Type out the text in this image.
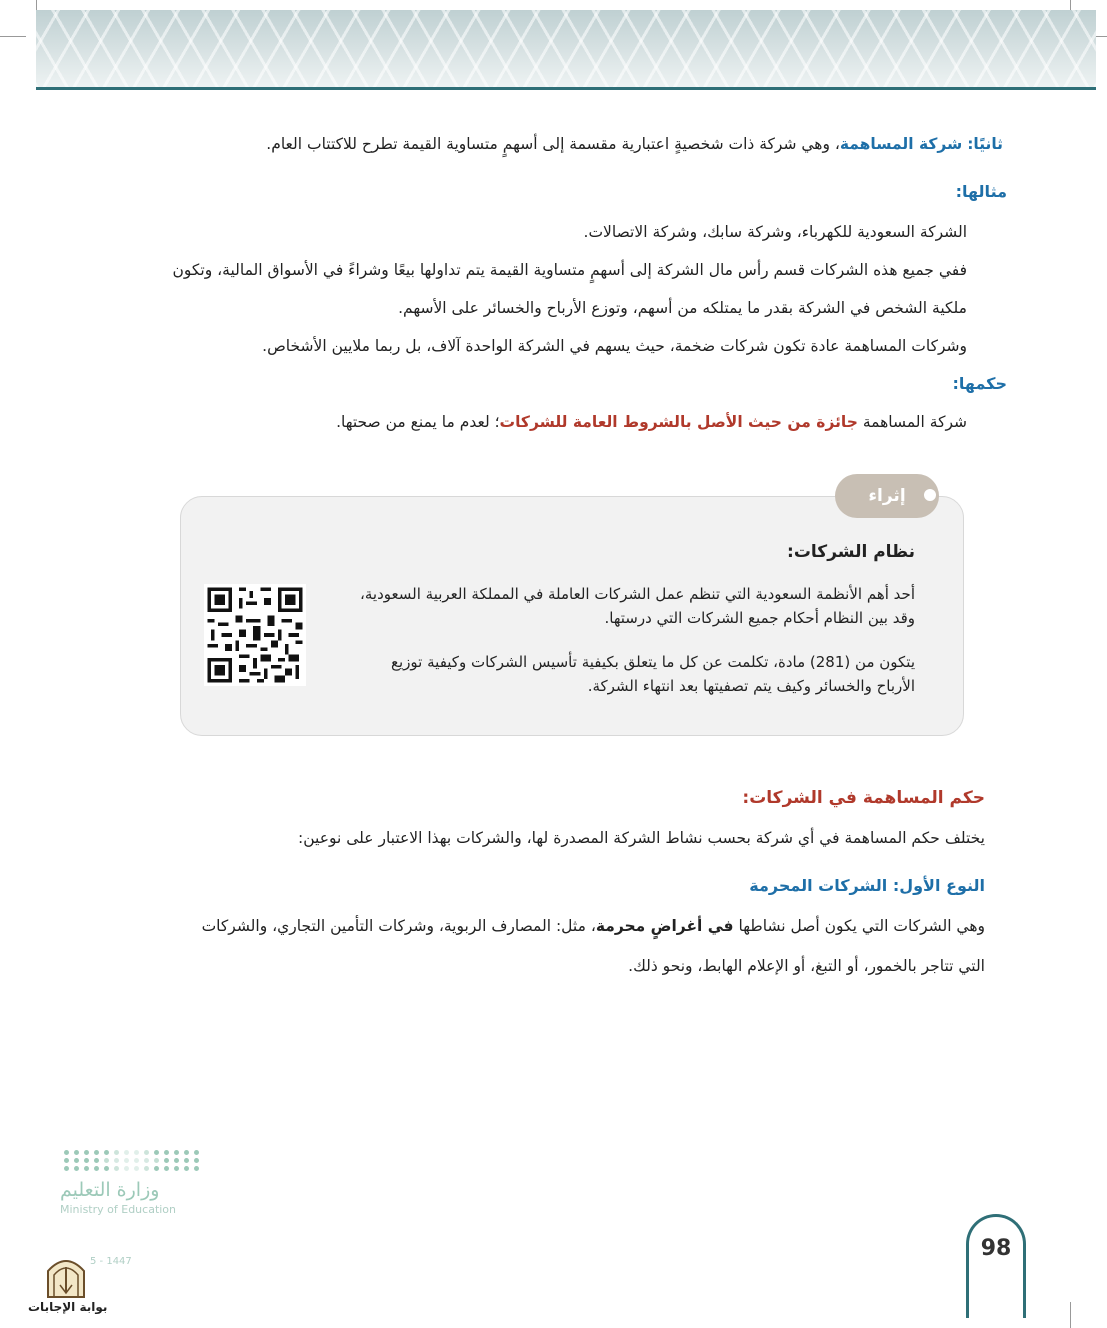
ثانيًا: شركة المساهمة، وهي شركة ذات شخصيةٍ اعتبارية مقسمة إلى أسهمٍ متساوية القيمة تطرح للاكتتاب العام.
مثالها:
الشركة السعودية للكهرباء، وشركة سابك، وشركة الاتصالات.
ففي جميع هذه الشركات قسم رأس مال الشركة إلى أسهمٍ متساوية القيمة يتم تداولها بيعًا وشراءً في الأسواق المالية، وتكون
ملكية الشخص في الشركة بقدر ما يمتلكه من أسهم، وتوزع الأرباح والخسائر على الأسهم.
وشركات المساهمة عادة تكون شركات ضخمة، حيث يسهم في الشركة الواحدة آلاف، بل ربما ملايين الأشخاص.
حكمها:
شركة المساهمة جائزة من حيث الأصل بالشروط العامة للشركات؛ لعدم ما يمنع من صحتها.
إثراء
نظام الشركات:
أحد أهم الأنظمة السعودية التي تنظم عمل الشركات العاملة في المملكة العربية السعودية،
وقد بين النظام أحكام جميع الشركات التي درستها.
يتكون من (281) مادة، تكلمت عن كل ما يتعلق بكيفية تأسيس الشركات وكيفية توزيع
الأرباح والخسائر وكيف يتم تصفيتها بعد انتهاء الشركة.
حكم المساهمة في الشركات:
يختلف حكم المساهمة في أي شركة بحسب نشاط الشركة المصدرة لها، والشركات بهذا الاعتبار على نوعين:
النوع الأول: الشركات المحرمة
وهي الشركات التي يكون أصل نشاطها في أغراضٍ محرمة، مثل: المصارف الربوية، وشركات التأمين التجاري، والشركات
التي تتاجر بالخمور، أو التبغ، أو الإعلام الهابط، ونحو ذلك.
وزارة التعليم
Ministry of Education
5 - 1447
بوابة الإجابات
98
